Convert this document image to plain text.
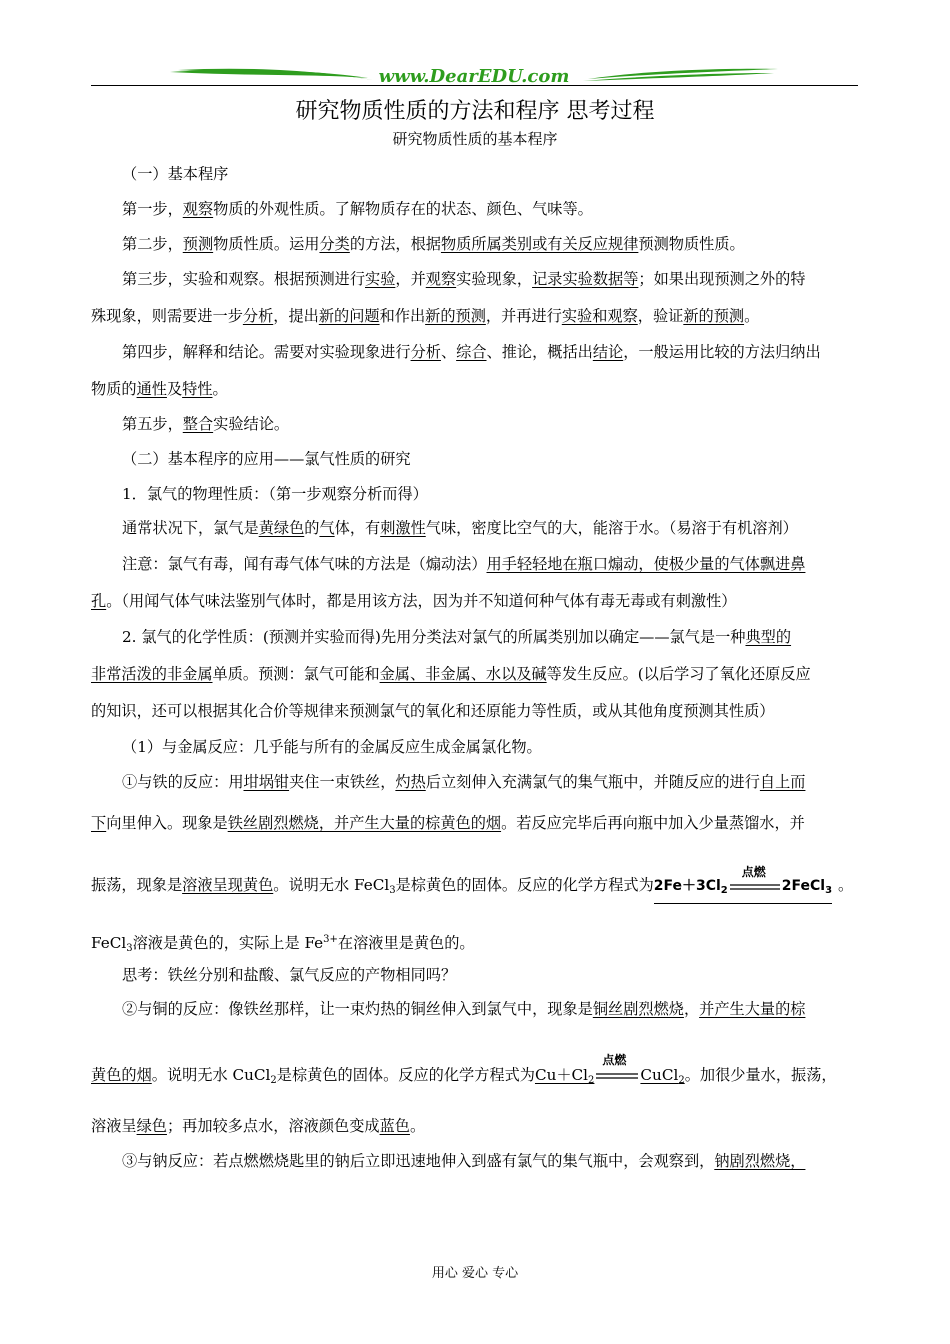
www.DearEDU.com
研究物质性质的方法和程序 思考过程
研究物质性质的基本程序
（一）基本程序
第一步，观察物质的外观性质。了解物质存在的状态、颜色、气味等。
第二步，预测物质性质。运用分类的方法，根据物质所属类别或有关反应规律预测物质性质。
第三步，实验和观察。根据预测进行实验，并观察实验现象，记录实验数据等；如果出现预测之外的特
殊现象，则需要进一步分析，提出新的问题和作出新的预测，并再进行实验和观察，验证新的预测。
第四步，解释和结论。需要对实验现象进行分析、综合、推论，概括出结论，一般运用比较的方法归纳出
物质的通性及特性。
第五步，整合实验结论。
（二）基本程序的应用——氯气性质的研究
1．氯气的物理性质：（第一步观察分析而得）
通常状况下，氯气是黄绿色的气体，有刺激性气味，密度比空气的大，能溶于水。（易溶于有机溶剂）
注意：氯气有毒，闻有毒气体气味的方法是（煽动法）用手轻轻地在瓶口煽动，使极少量的气体飘进鼻
孔。（用闻气体气味法鉴别气体时，都是用该方法，因为并不知道何种气体有毒无毒或有刺激性）
2. 氯气的化学性质：(预测并实验而得)先用分类法对氯气的所属类别加以确定——氯气是一种典型的
非常活泼的非金属单质。预测：氯气可能和金属、非金属、水以及碱等发生反应。(以后学习了氧化还原反应
的知识，还可以根据其化合价等规律来预测氯气的氧化和还原能力等性质，或从其他角度预测其性质）
（1）与金属反应：几乎能与所有的金属反应生成金属氯化物。
①与铁的反应：用坩埚钳夹住一束铁丝，灼热后立刻伸入充满氯气的集气瓶中，并随反应的进行自上而
下向里伸入。现象是铁丝剧烈燃烧，并产生大量的棕黄色的烟。若反应完毕后再向瓶中加入少量蒸馏水，并
振荡，现象是溶液呈现黄色。说明无水 FeCl$_3$是棕黄色的固体。反应的化学方程式为$2Fe+3Cl_2$
点燃
2FeCl$_3$ 。
FeCl$_3$溶液是黄色的，实际上是 $Fe^{3+}$在溶液里是黄色的。
思考：铁丝分别和盐酸、氯气反应的产物相同吗？
②与铜的反应：像铁丝那样，让一束灼热的铜丝伸入到氯气中，现象是铜丝剧烈燃烧，并产生大量的棕
黄色的烟。说明无水 CuCl$_2$是棕黄色的固体。反应的化学方程式为$Cu+Cl_2$
点燃
CuCl$_2$。加很少量水，振荡，
溶液呈绿色；再加较多点水，溶液颜色变成蓝色。
③与钠反应：若点燃燃烧匙里的钠后立即迅速地伸入到盛有氯气的集气瓶中，会观察到，钠剧烈燃烧，
用心 爱心 专心
